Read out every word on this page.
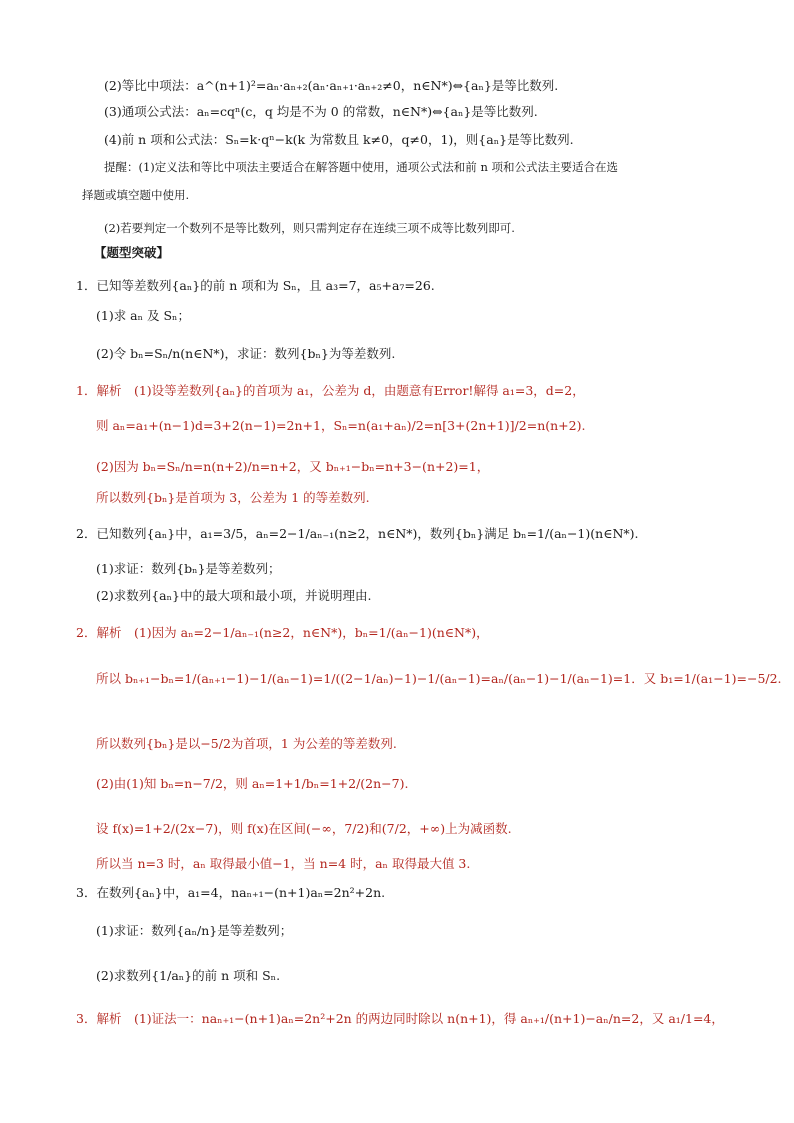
(2)等比中项法：a^(n+1)²=aₙ·aₙ₊₂(aₙ·aₙ₊₁·aₙ₊₂≠0，n∈N*)⇔{aₙ}是等比数列.
(3)通项公式法：aₙ=cqⁿ(c，q 均是不为 0 的常数，n∈N*)⇔{aₙ}是等比数列.
(4)前 n 项和公式法：Sₙ=k·qⁿ−k(k 为常数且 k≠0，q≠0，1)，则{aₙ}是等比数列.
提醒：(1)定义法和等比中项法主要适合在解答题中使用，通项公式法和前 n 项和公式法主要适合在选
择题或填空题中使用.
(2)若要判定一个数列不是等比数列，则只需判定存在连续三项不成等比数列即可.
【题型突破】
1．已知等差数列{aₙ}的前 n 项和为 Sₙ，且 a₃=7，a₅+a₇=26.
(1)求 aₙ 及 Sₙ；
(2)令 bₙ=Sₙ/n(n∈N*)，求证：数列{bₙ}为等差数列.
1．解析　(1)设等差数列{aₙ}的首项为 a₁，公差为 d，由题意有Error!解得 a₁=3，d=2，
则 aₙ=a₁+(n−1)d=3+2(n−1)=2n+1，Sₙ=n(a₁+aₙ)/2=n[3+(2n+1)]/2=n(n+2).
(2)因为 bₙ=Sₙ/n=n(n+2)/n=n+2，又 bₙ₊₁−bₙ=n+3−(n+2)=1，
所以数列{bₙ}是首项为 3，公差为 1 的等差数列.
2．已知数列{aₙ}中，a₁=3/5，aₙ=2−1/aₙ₋₁(n≥2，n∈N*)，数列{bₙ}满足 bₙ=1/(aₙ−1)(n∈N*).
(1)求证：数列{bₙ}是等差数列；
(2)求数列{aₙ}中的最大项和最小项，并说明理由.
2．解析　(1)因为 aₙ=2−1/aₙ₋₁(n≥2，n∈N*)，bₙ=1/(aₙ−1)(n∈N*)，
所以 bₙ₊₁−bₙ=1/(aₙ₊₁−1)−1/(aₙ−1)=1/((2−1/aₙ)−1)−1/(aₙ−1)=aₙ/(aₙ−1)−1/(aₙ−1)=1．又 b₁=1/(a₁−1)=−5/2.
所以数列{bₙ}是以−5/2为首项，1 为公差的等差数列.
(2)由(1)知 bₙ=n−7/2，则 aₙ=1+1/bₙ=1+2/(2n−7).
设 f(x)=1+2/(2x−7)，则 f(x)在区间(−∞，7/2)和(7/2，+∞)上为减函数.
所以当 n=3 时，aₙ 取得最小值−1，当 n=4 时，aₙ 取得最大值 3.
3．在数列{aₙ}中，a₁=4，naₙ₊₁−(n+1)aₙ=2n²+2n.
(1)求证：数列{aₙ/n}是等差数列；
(2)求数列{1/aₙ}的前 n 项和 Sₙ.
3．解析　(1)证法一：naₙ₊₁−(n+1)aₙ=2n²+2n 的两边同时除以 n(n+1)，得 aₙ₊₁/(n+1)−aₙ/n=2，又 a₁/1=4，
